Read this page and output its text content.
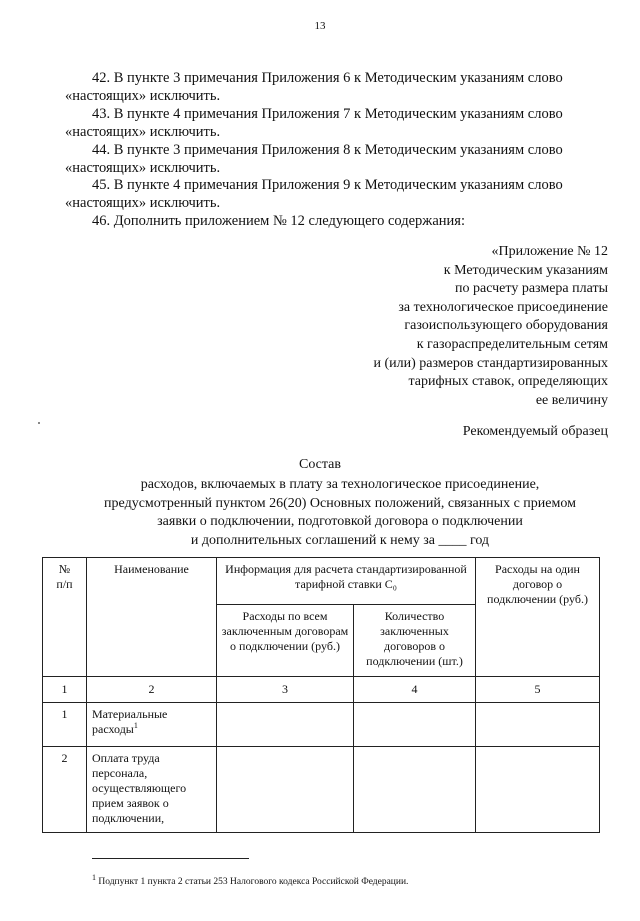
13

42. В пункте 3 примечания Приложения 6 к Методическим указаниям слово

«настоящих» исключить.

43. В пункте 4 примечания Приложения 7 к Методическим указаниям слово

«настоящих» исключить.

44. В пункте 3 примечания Приложения 8 к Методическим указаниям слово

«настоящих» исключить.

45. В пункте 4 примечания Приложения 9 к Методическим указаниям слово

«настоящих» исключить.

46. Дополнить приложением № 12 следующего содержания:

«Приложение № 12
к Методическим указаниям
по расчету размера платы
за технологическое присоединение
газоиспользующего оборудования
к газораспределительным сетям
и (или) размеров стандартизированных
тарифных ставок, определяющих
ее величину
Рекомендуемый образец
Состав
расходов, включаемых в плату за технологическое присоединение,
предусмотренный пунктом 26(20) Основных положений, связанных с приемом
заявки о подключении, подготовкой договора о подключении
и дополнительных соглашений к нему за ____ год
№
п/п	Наименование	Информация для расчета стандартизированной тарифной ставки С₀		Расходы на один договор о подключении (руб.)
		Расходы по всем заключенным договорам о подключении (руб.)	Количество заключенных договоров о подключении (шт.)	
1	2	3	4	5
1	Материальные расходы$^1$			
2	Оплата труда персонала, осуществляющего прием заявок о подключении,			
$^1$ Подпункт 1 пункта 2 статьи 253 Налогового кодекса Российской Федерации.
